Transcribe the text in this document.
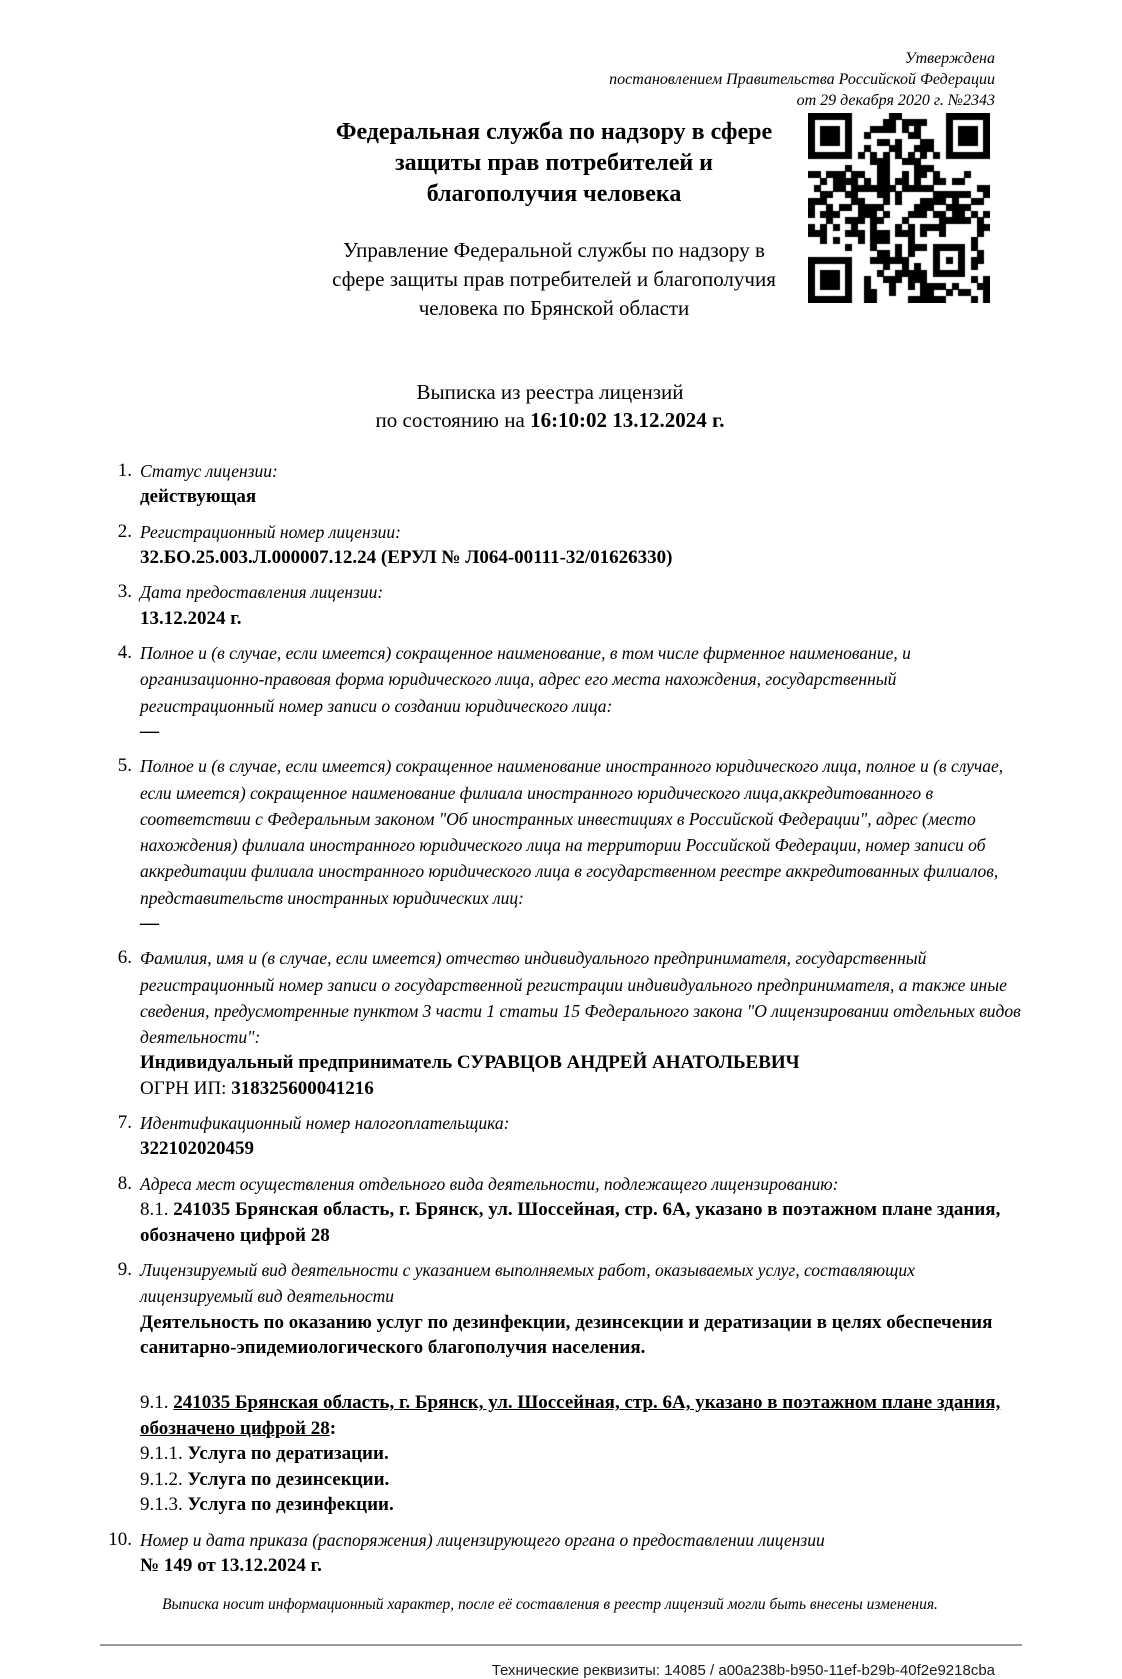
Утверждена
постановлением Правительства Российской Федерации
от 29 декабря 2020 г. №2343
Федеральная служба по надзору в сфере защиты прав потребителей и благополучия человека
Управление Федеральной службы по надзору в сфере защиты прав потребителей и благополучия человека по Брянской области
Выписка из реестра лицензий
по состоянию на 16:10:02 13.12.2024 г.
1. Статус лицензии:
действующая
2. Регистрационный номер лицензии:
32.БО.25.003.Л.000007.12.24 (ЕРУЛ № Л064-00111-32/01626330)
3. Дата предоставления лицензии:
13.12.2024 г.
4. Полное и (в случае, если имеется) сокращенное наименование, в том числе фирменное наименование, и организационно-правовая форма юридического лица, адрес его места нахождения, государственный регистрационный номер записи о создании юридического лица:
—
5. Полное и (в случае, если имеется) сокращенное наименование иностранного юридического лица, полное и (в случае, если имеется) сокращенное наименование филиала иностранного юридического лица,аккредитованного в соответствии с Федеральным законом "Об иностранных инвестициях в Российской Федерации", адрес (место нахождения) филиала иностранного юридического лица на территории Российской Федерации, номер записи об аккредитации филиала иностранного юридического лица в государственном реестре аккредитованных филиалов, представительств иностранных юридических лиц:
—
6. Фамилия, имя и (в случае, если имеется) отчество индивидуального предпринимателя, государственный регистрационный номер записи о государственной регистрации индивидуального предпринимателя, а также иные сведения, предусмотренные пунктом 3 части 1 статьи 15 Федерального закона "О лицензировании отдельных видов деятельности":
Индивидуальный предприниматель СУРАВЦОВ АНДРЕЙ АНАТОЛЬЕВИЧ
ОГРН ИП: 318325600041216
7. Идентификационный номер налогоплательщика:
322102020459
8. Адреса мест осуществления отдельного вида деятельности, подлежащего лицензированию:
8.1. 241035 Брянская область, г. Брянск, ул. Шоссейная, стр. 6А, указано в поэтажном плане здания, обозначено цифрой 28
9. Лицензируемый вид деятельности с указанием выполняемых работ, оказываемых услуг, составляющих лицензируемый вид деятельности
Деятельность по оказанию услуг по дезинфекции, дезинсекции и дератизации в целях обеспечения санитарно-эпидемиологического благополучия населения.
9.1. 241035 Брянская область, г. Брянск, ул. Шоссейная, стр. 6А, указано в поэтажном плане здания, обозначено цифрой 28:
9.1.1. Услуга по дератизации.
9.1.2. Услуга по дезинсекции.
9.1.3. Услуга по дезинфекции.
10. Номер и дата приказа (распоряжения) лицензирующего органа о предоставлении лицензии
№ 149 от 13.12.2024 г.
Выписка носит информационный характер, после её составления в реестр лицензий могли быть внесены изменения.
Технические реквизиты: 14085 / a00a238b-b950-11ef-b29b-40f2e9218cba
